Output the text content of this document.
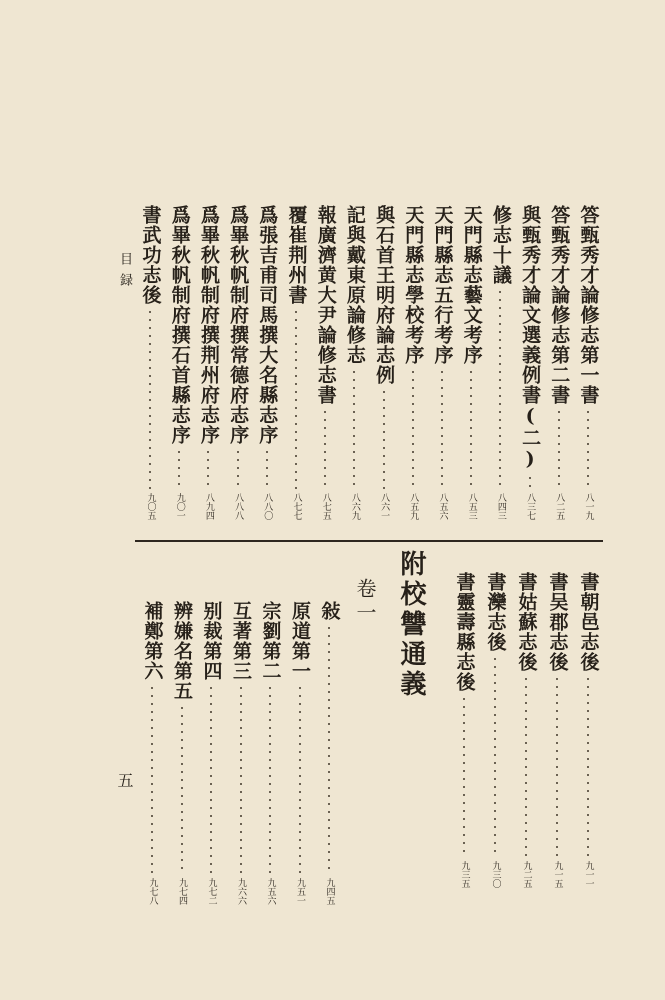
目録
五
答甄秀才論修志第一書
八一九
答甄秀才論修志第二書
八二五
與甄秀才論文選義例書(二)
八三七
修志十議
八四三
天門縣志藝文考序
八五三
天門縣志五行考序
八五六
天門縣志學校考序
八五九
與石首王明府論志例
八六一
記與戴東原論修志
八六九
報廣濟黄大尹論修志書
八七五
覆崔荆州書
八七七
爲張吉甫司馬撰大名縣志序
八八〇
爲畢秋帆制府撰常德府志序
八八八
爲畢秋帆制府撰荆州府志序
八九四
爲畢秋帆制府撰石首縣志序
九〇一
書武功志後
九〇五
書朝邑志後
九一一
書吴郡志後
九一五
書姑蘇志後
九二五
書灤志後
九三〇
書靈壽縣志後
九三五
附校讐通義
卷一
敍
九四五
原道第一
九五一
宗劉第二
九五六
互著第三
九六六
别裁第四
九七二
辨嫌名第五
九七四
補鄭第六
九七八
